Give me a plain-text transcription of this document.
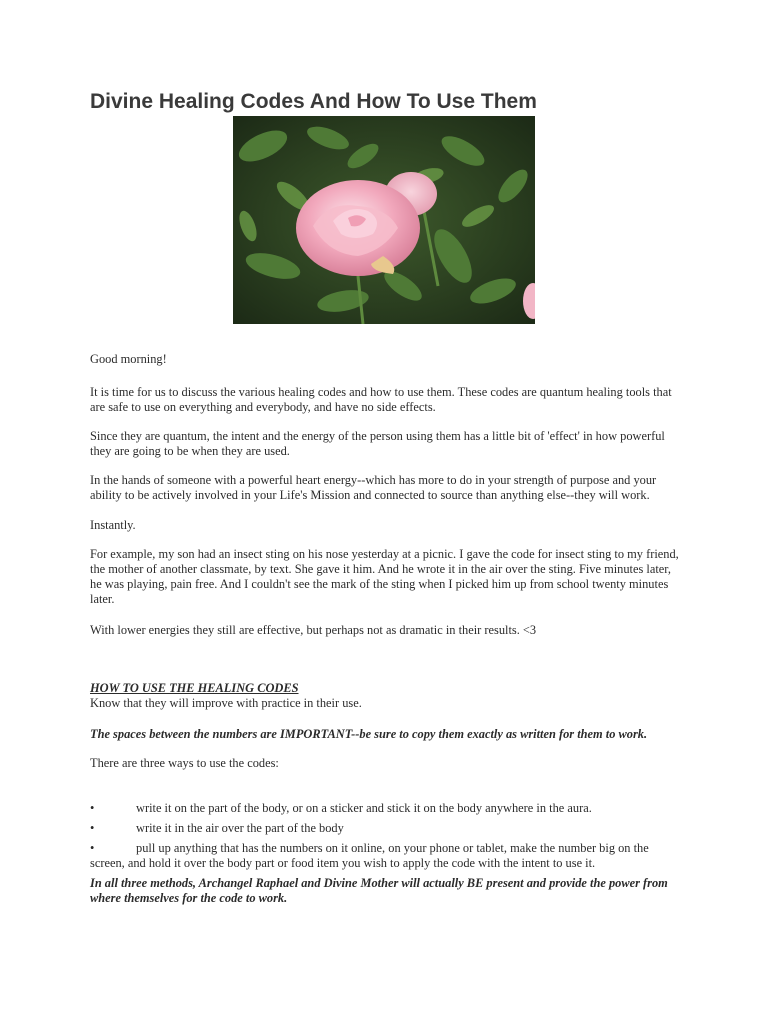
Divine Healing Codes And How To Use Them

Good morning!

It is time for us to discuss the various healing codes and how to use them. These codes are quantum healing tools that are safe to use on everything and everybody, and have no side effects.

Since they are quantum, the intent and the energy of the person using them has a little bit of 'effect' in how powerful they are going to be when they are used.

In the hands of someone with a powerful heart energy--which has more to do in your strength of purpose and your ability to be actively involved in your Life's Mission and connected to source than anything else--they will work.

Instantly.

For example, my son had an insect sting on his nose yesterday at a picnic. I gave the code for insect sting to my friend, the mother of another classmate, by text. She gave it him. And he wrote it in the air over the sting. Five minutes later, he was playing, pain free. And I couldn't see the mark of the sting when I picked him up from school twenty minutes later.

With lower energies they still are effective, but perhaps not as dramatic in their results. <3

HOW TO USE THE HEALING CODES

Know that they will improve with practice in their use.

The spaces between the numbers are IMPORTANT--be sure to copy them exactly as written for them to work.

There are three ways to use the codes:

•	write it on the part of the body, or on a sticker and stick it on the body anywhere in the aura.
•	write it in the air over the part of the body
•	pull up anything that has the numbers on it online, on your phone or tablet, make the number big on the screen, and hold it over the body part or food item you wish to apply the code with the intent to use it.

In all three methods, Archangel Raphael and Divine Mother will actually BE present and provide the power from where themselves for the code to work.
